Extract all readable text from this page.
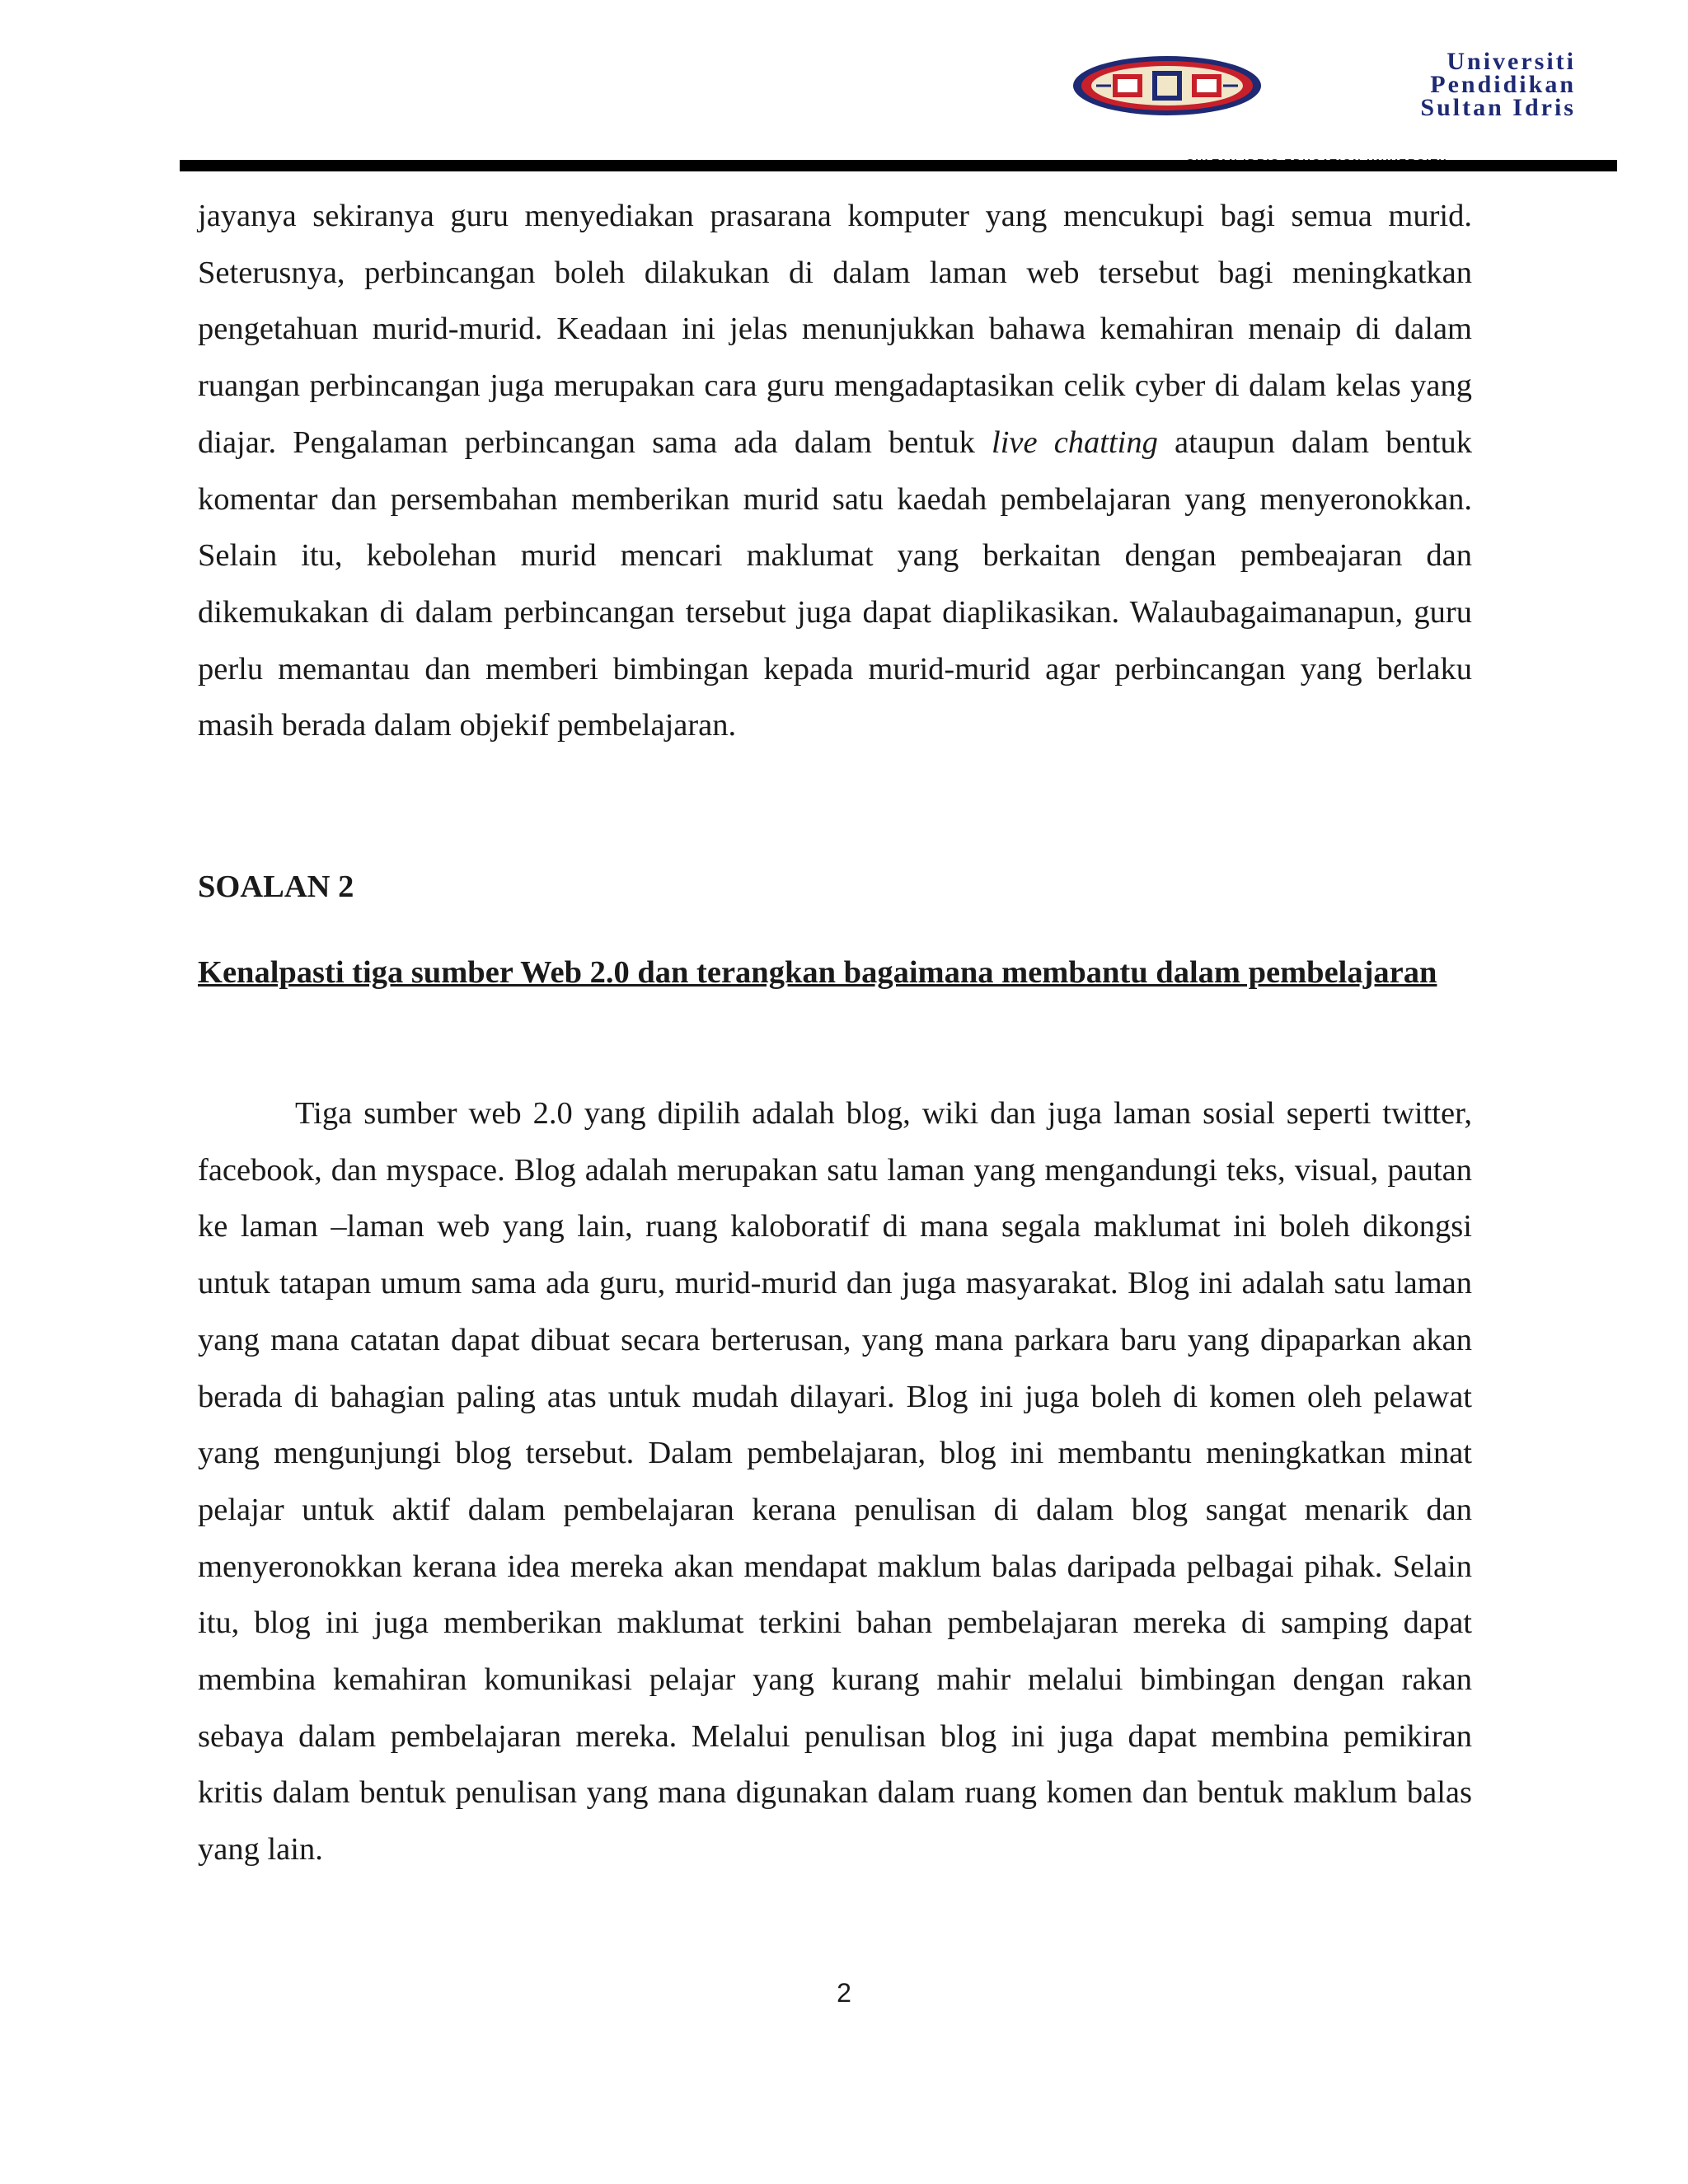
Universiti
Pendidikan
Sultan Idris

jayanya sekiranya guru menyediakan prasarana komputer yang mencukupi bagi semua murid. Seterusnya, perbincangan boleh dilakukan di dalam laman web tersebut bagi meningkatkan pengetahuan murid-murid. Keadaan ini jelas menunjukkan bahawa kemahiran menaip di dalam ruangan perbincangan juga merupakan cara guru mengadaptasikan celik cyber di dalam kelas yang diajar. Pengalaman perbincangan sama ada dalam bentuk live chatting ataupun dalam bentuk komentar dan persembahan memberikan murid satu kaedah pembelajaran yang menyeronokkan. Selain itu, kebolehan murid mencari maklumat yang berkaitan dengan pembeajaran dan dikemukakan di dalam perbincangan tersebut juga dapat diaplikasikan. Walaubagaimanapun, guru perlu memantau dan memberi bimbingan kepada murid-murid agar perbincangan yang berlaku masih berada dalam objekif pembelajaran.

SOALAN 2

Kenalpasti tiga sumber Web 2.0 dan terangkan bagaimana membantu dalam pembelajaran

Tiga sumber web 2.0 yang dipilih adalah blog, wiki dan juga laman sosial seperti twitter, facebook, dan myspace. Blog adalah merupakan satu laman yang mengandungi teks, visual, pautan ke laman –laman web yang lain, ruang kaloboratif di mana segala maklumat ini boleh dikongsi untuk tatapan umum sama ada guru, murid-murid dan juga masyarakat. Blog ini adalah satu laman yang mana catatan dapat dibuat secara berterusan, yang mana parkara baru yang dipaparkan akan berada di bahagian paling atas untuk mudah dilayari. Blog ini juga boleh di komen oleh pelawat yang mengunjungi blog tersebut. Dalam pembelajaran, blog ini membantu meningkatkan minat pelajar untuk aktif dalam pembelajaran kerana penulisan di dalam blog sangat menarik dan menyeronokkan kerana idea mereka akan mendapat maklum balas daripada pelbagai pihak. Selain itu, blog ini juga memberikan maklumat terkini bahan pembelajaran mereka di samping dapat membina kemahiran komunikasi pelajar yang kurang mahir melalui bimbingan dengan rakan sebaya dalam pembelajaran mereka. Melalui penulisan blog ini juga dapat membina pemikiran kritis dalam bentuk penulisan yang mana digunakan dalam ruang komen dan bentuk maklum balas yang lain.

2
